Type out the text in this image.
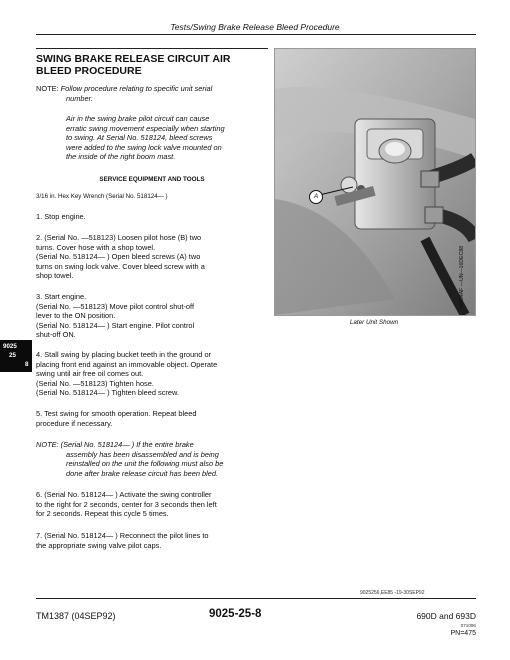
Tests/Swing Brake Release Bleed Procedure
SWING BRAKE RELEASE CIRCUIT AIR
BLEED PROCEDURE
NOTE: Follow procedure relating to specific unit serial
number.
Air in the swing brake pilot circuit can cause
erratic swing movement especially when starting
to swing. At Serial No. 518124, bleed screws
were added to the swing lock valve mounted on
the inside of the right boom mast.
SERVICE EQUIPMENT AND TOOLS
3/16 in. Hex Key Wrench (Serial No. 518124— )
1. Stop engine.
2. (Serial No. —518123) Loosen pilot hose (B) two
turns. Cover hose with a shop towel.
(Serial No. 518124— ) Open bleed screws (A) two
turns on swing lock valve. Cover bleed screw with a
shop towel.
3. Start engine.
(Serial No. —518123) Move pilot control shut-off
lever to the ON position.
(Serial No. 518124— ) Start engine. Pilot control
shut-off ON.
4. Stall swing by placing bucket teeth in the ground or
placing front end against an immovable object. Operate
swing until air free oil comes out.
(Serial No. —518123) Tighten hose.
(Serial No. 518124— ) Tighten bleed screw.
5. Test swing for smooth operation. Repeat bleed
procedure if necessary.
NOTE: (Serial No. 518124— ) If the entire brake
assembly has been disassembled and is being
reinstalled on the unit the following must also be
done after brake release circuit has been bled.
6. (Serial No. 518124— ) Activate the swing controller
to the right for 2 seconds, center for 3 seconds then left
for 2 seconds. Repeat this cycle 5 times.
7. (Serial No. 518124— ) Reconnect the pilot lines to
the appropriate swing valve pilot caps.
A
T6954AF —UN—16DEC88
Later Unit Shown
9025
25
8
9025256,EE85 -19-30SEP92
TM1387 (04SEP92)	9025-25-8	690D and 693D
071096
PN=475
